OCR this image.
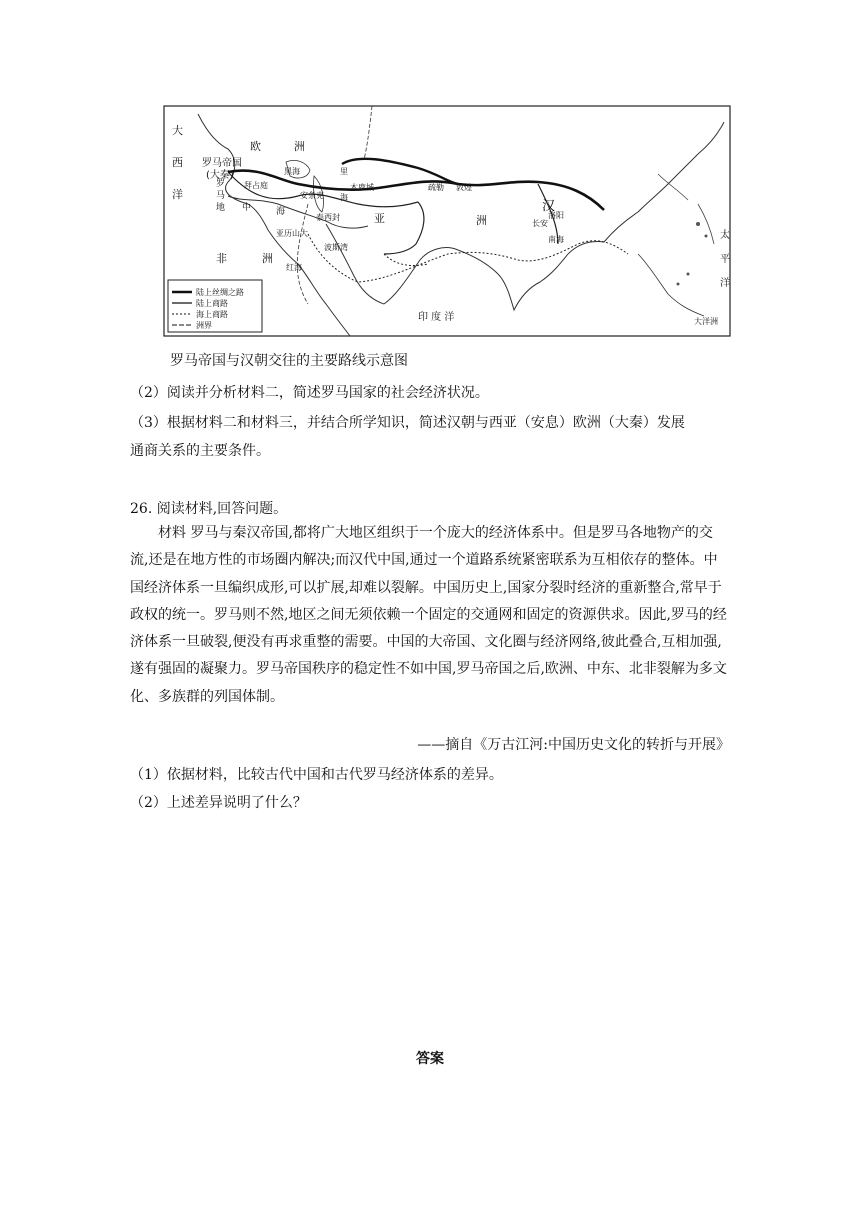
陆上丝绸之路
陆上商路
海上商路
洲界
大
西
洋
欧	洲
罗马帝国
(大秦)
罗
马
地 中	海
拜占庭
黑海
安条克
里
海
木鹿城	疏勒 敦煌
汉
长安
洛阳
泰西封	亚
亚历山大
波斯湾
洲
非	洲
红海
南海	太
平
洋
印 度 洋	大洋洲
罗马帝国与汉朝交往的主要路线示意图
（2）阅读并分析材料二，简述罗马国家的社会经济状况。
（3）根据材料二和材料三，并结合所学知识，简述汉朝与西亚（安息）欧洲（大秦）发展
通商关系的主要条件。
26. 阅读材料,回答问题。
材料 罗马与秦汉帝国,都将广大地区组织于一个庞大的经济体系中。但是罗马各地物产的交流,还是在地方性的市场圈内解决;而汉代中国,通过一个道路系统紧密联系为互相依存的整体。中国经济体系一旦编织成形,可以扩展,却难以裂解。中国历史上,国家分裂时经济的重新整合,常早于政权的统一。罗马则不然,地区之间无须依赖一个固定的交通网和固定的资源供求。因此,罗马的经济体系一旦破裂,便没有再求重整的需要。中国的大帝国、文化圈与经济网络,彼此叠合,互相加强,遂有强固的凝聚力。罗马帝国秩序的稳定性不如中国,罗马帝国之后,欧洲、中东、北非裂解为多文化、多族群的列国体制。
——摘自《万古江河:中国历史文化的转折与开展》
（1）依据材料，比较古代中国和古代罗马经济体系的差异。
（2）上述差异说明了什么？
答案
